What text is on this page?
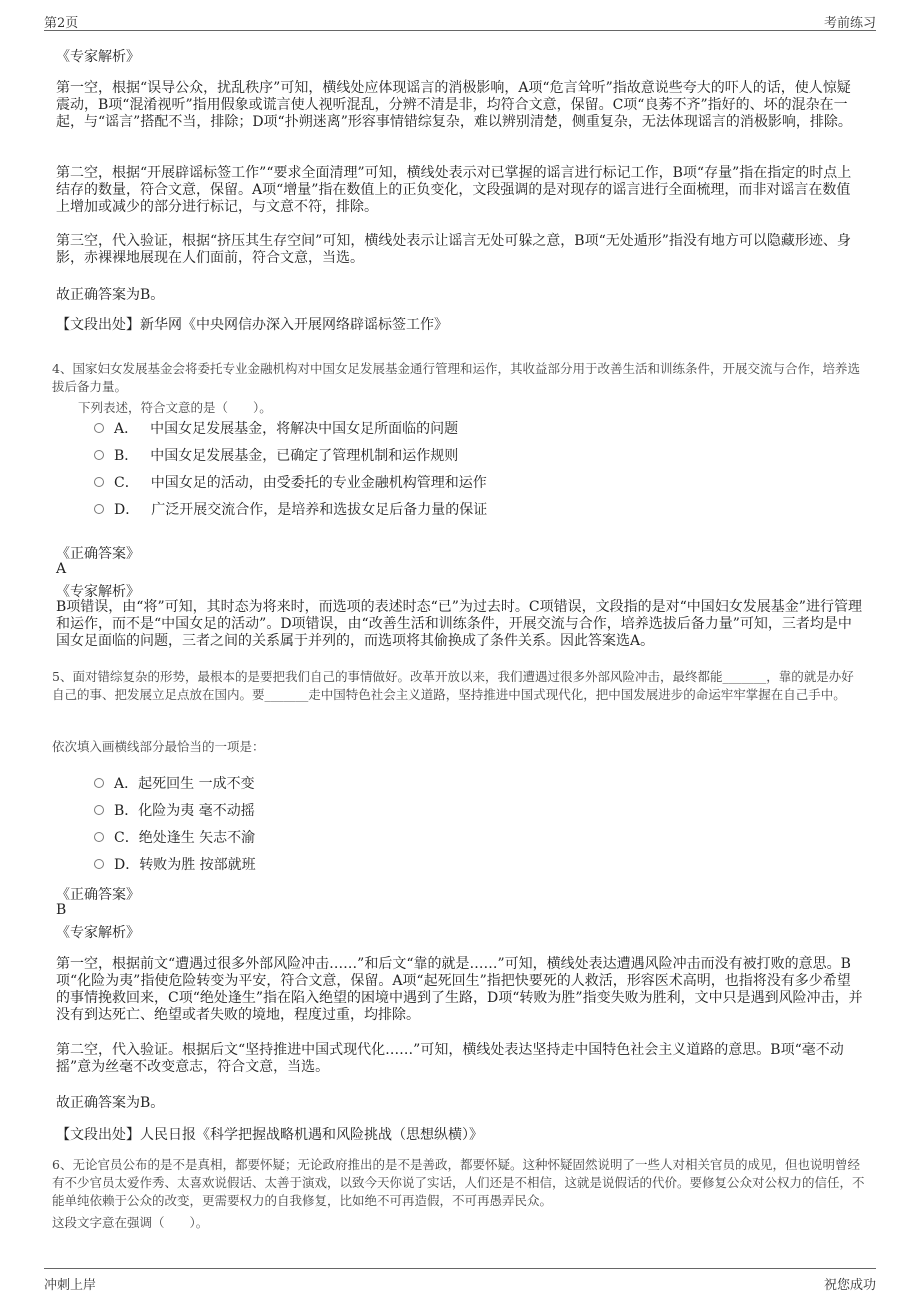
第2页	考前练习
《专家解析》

第一空，根据“误导公众，扰乱秩序”可知，横线处应体现谣言的消极影响，A项“危言耸听”指故意说些夸大的吓人的话，使人惊疑震动，B项“混淆视听”指用假象或谎言使人视听混乱，分辨不清是非，均符合文意，保留。C项“良莠不齐”指好的、坏的混杂在一起，与“谣言”搭配不当，排除；D项“扑朔迷离”形容事情错综复杂，难以辨别清楚，侧重复杂，无法体现谣言的消极影响，排除。

第二空，根据“开展辟谣标签工作”“要求全面清理”可知，横线处表示对已掌握的谣言进行标记工作，B项“存量”指在指定的时点上结存的数量，符合文意，保留。A项“增量”指在数值上的正负变化，文段强调的是对现存的谣言进行全面梳理，而非对谣言在数值上增加或减少的部分进行标记，与文意不符，排除。

第三空，代入验证，根据“挤压其生存空间”可知，横线处表示让谣言无处可躲之意，B项“无处遁形”指没有地方可以隐藏形迹、身影，赤裸裸地展现在人们面前，符合文意，当选。

故正确答案为B。
【文段出处】新华网《中央网信办深入开展网络辟谣标签工作》

4、国家妇女发展基金会将委托专业金融机构对中国女足发展基金通行管理和运作，其收益部分用于改善生活和训练条件，开展交流与合作，培养选拔后备力量。

下列表述，符合文意的是（　　）。
A． 中国女足发展基金，将解决中国女足所面临的问题
B． 中国女足发展基金，已确定了管理机制和运作规则
C． 中国女足的活动，由受委托的专业金融机构管理和运作
D． 广泛开展交流合作，是培养和选拔女足后备力量的保证
《正确答案》
A
《专家解析》

B项错误，由“将”可知，其时态为将来时，而选项的表述时态“已”为过去时。C项错误，文段指的是对“中国妇女发展基金”进行管理和运作，而不是“中国女足的活动”。D项错误，由“改善生活和训练条件，开展交流与合作，培养选拔后备力量”可知，三者均是中国女足面临的问题，三者之间的关系属于并列的，而选项将其偷换成了条件关系。因此答案选A。

5、面对错综复杂的形势，最根本的是要把我们自己的事情做好。改革开放以来，我们遭遇过很多外部风险冲击，最终都能_______，靠的就是办好自己的事、把发展立足点放在国内。要_______走中国特色社会主义道路，坚持推进中国式现代化，把中国发展进步的命运牢牢掌握在自己手中。

依次填入画横线部分最恰当的一项是：
A． 起死回生 一成不变
B． 化险为夷 毫不动摇
C． 绝处逢生 矢志不渝
D． 转败为胜 按部就班
《正确答案》
B
《专家解析》

第一空，根据前文“遭遇过很多外部风险冲击……”和后文“靠的就是……”可知，横线处表达遭遇风险冲击而没有被打败的意思。B项“化险为夷”指使危险转变为平安，符合文意，保留。A项“起死回生”指把快要死的人救活，形容医术高明，也指将没有多少希望的事情挽救回来，C项“绝处逢生”指在陷入绝望的困境中遇到了生路，D项“转败为胜”指变失败为胜利，文中只是遇到风险冲击，并没有到达死亡、绝望或者失败的境地，程度过重，均排除。

第二空，代入验证。根据后文“坚持推进中国式现代化……”可知，横线处表达坚持走中国特色社会主义道路的意思。B项“毫不动摇”意为丝毫不改变意志，符合文意，当选。

故正确答案为B。
【文段出处】人民日报《科学把握战略机遇和风险挑战（思想纵横）》

6、无论官员公布的是不是真相，都要怀疑；无论政府推出的是不是善政，都要怀疑。这种怀疑固然说明了一些人对相关官员的成见，但也说明曾经有不少官员太爱作秀、太喜欢说假话、太善于演戏，以致今天你说了实话，人们还是不相信，这就是说假话的代价。要修复公众对公权力的信任，不能单纯依赖于公众的改变，更需要权力的自我修复，比如绝不可再造假，不可再愚弄民众。

这段文字意在强调（　　）。
冲刺上岸	祝您成功
